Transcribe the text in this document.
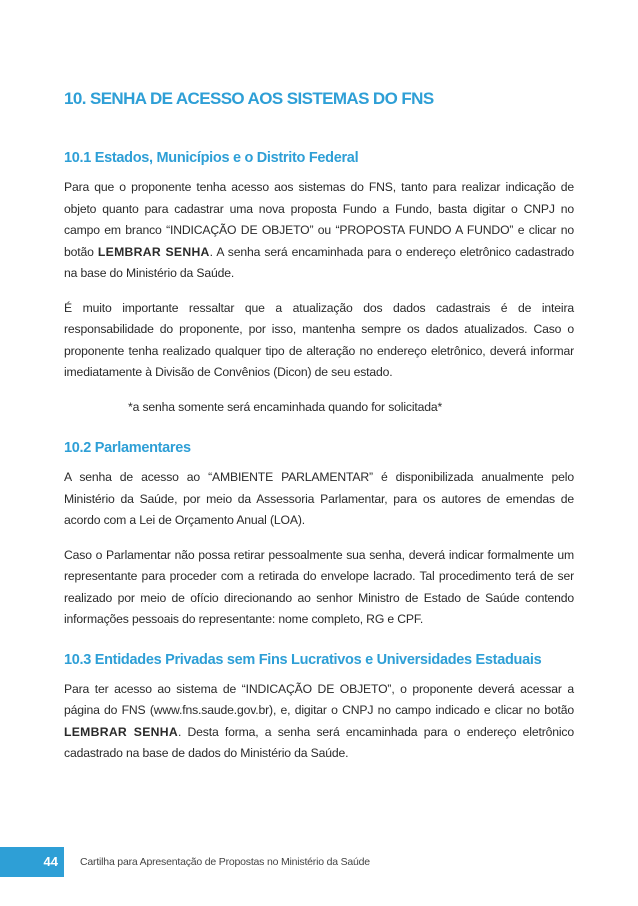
10. SENHA DE ACESSO AOS SISTEMAS DO FNS
10.1 Estados, Municípios e o Distrito Federal

Para que o proponente tenha acesso aos sistemas do FNS, tanto para realizar indicação de objeto quanto para cadastrar uma nova proposta Fundo a Fundo, basta digitar o CNPJ no campo em branco “INDICAÇÃO DE OBJETO” ou “PROPOSTA FUNDO A FUNDO” e clicar no botão LEMBRAR SENHA. A senha será encaminhada para o endereço eletrônico cadastrado na base do Ministério da Saúde.

É muito importante ressaltar que a atualização dos dados cadastrais é de inteira responsabilidade do proponente, por isso, mantenha sempre os dados atualizados. Caso o proponente tenha realizado qualquer tipo de alteração no endereço eletrônico, deverá informar imediatamente à Divisão de Convênios (Dicon) de seu estado.

*a senha somente será encaminhada quando for solicitada*

10.2 Parlamentares

A senha de acesso ao “AMBIENTE PARLAMENTAR” é disponibilizada anualmente pelo Ministério da Saúde, por meio da Assessoria Parlamentar, para os autores de emendas de acordo com a Lei de Orçamento Anual (LOA).

Caso o Parlamentar não possa retirar pessoalmente sua senha, deverá indicar formalmente um representante para proceder com a retirada do envelope lacrado. Tal procedimento terá de ser realizado por meio de ofício direcionando ao senhor Ministro de Estado de Saúde contendo informações pessoais do representante: nome completo, RG e CPF.

10.3 Entidades Privadas sem Fins Lucrativos e Universidades Estaduais

Para ter acesso ao sistema de “INDICAÇÃO DE OBJETO”, o proponente deverá acessar a página do FNS (www.fns.saude.gov.br), e, digitar o CNPJ no campo indicado e clicar no botão LEMBRAR SENHA. Desta forma, a senha será encaminhada para o endereço eletrônico cadastrado na base de dados do Ministério da Saúde.

44	Cartilha para Apresentação de Propostas no Ministério da Saúde
